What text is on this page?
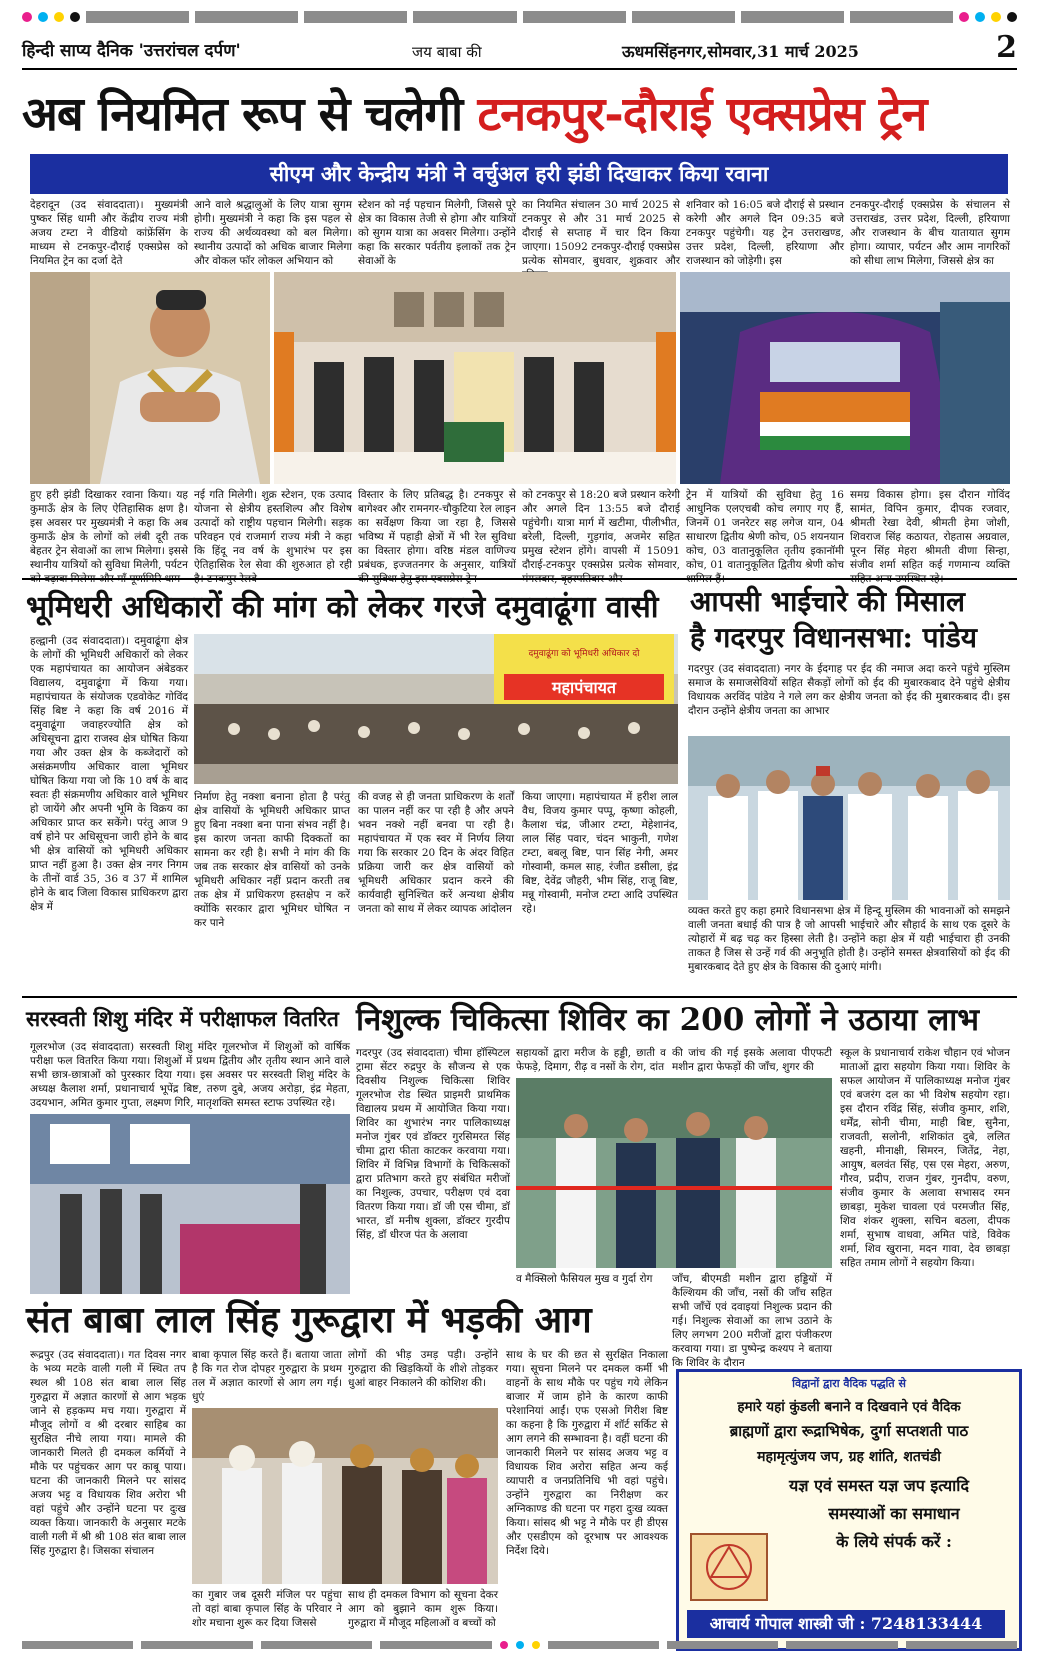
हिन्दी साप्य दैनिक 'उत्तरांचल दर्पण'	जय बाबा की	ऊधमसिंहनगर,सोमवार,31 मार्च 2025	2
अब नियमित रूप से चलेगी टनकपुर-दौराई एक्सप्रेस ट्रेन
सीएम और केन्द्रीय मंत्री ने वर्चुअल हरी झंडी दिखाकर किया रवाना
देहरादून (उद संवाददाता)। मुख्यमंत्री पुष्कर सिंह धामी और केंद्रीय राज्य मंत्री अजय टम्टा ने वीडियो कांफ्रेंसिंग के माध्यम से टनकपुर-दौराई एक्सप्रेस को नियमित ट्रेन का दर्जा देते
आने वाले श्रद्धालुओं के लिए यात्रा सुगम होगी। मुख्यमंत्री ने कहा कि इस पहल से राज्य की अर्थव्यवस्था को बल मिलेगा। स्थानीय उत्पादों को अधिक बाजार मिलेगा और वोकल फॉर लोकल अभियान को
स्टेशन को नई पहचान मिलेगी, जिससे पूरे क्षेत्र का विकास तेजी से होगा और यात्रियों को सुगम यात्रा का अवसर मिलेगा। उन्होंने कहा कि सरकार पर्वतीय इलाकों तक ट्रेन सेवाओं के
का नियमित संचालन 30 मार्च 2025 से टनकपुर से और 31 मार्च 2025 से दौराई से सप्ताह में चार दिन किया जाएगा। 15092 टनकपुर-दौराई एक्सप्रेस प्रत्येक सोमवार, बुधवार, शुक्रवार और
शनिवार को 16:05 बजे दौराई से प्रस्थान करेगी और अगले दिन 09:35 बजे टनकपुर पहुंचेगी। यह ट्रेन उत्तराखण्ड, उत्तर प्रदेश, दिल्ली, हरियाणा और राजस्थान को जोड़ेगी। इस
टनकपुर-दौराई एक्सप्रेस के संचालन से उत्तराखंड, उत्तर प्रदेश, दिल्ली, हरियाणा और राजस्थान के बीच यातायात सुगम होगा। व्यापार, पर्यटन और आम नागरिकों को सीधा लाभ मिलेगा, जिससे क्षेत्र का
हुए हरी झंडी दिखाकर रवाना किया। यह कुमाऊँ क्षेत्र के लिए ऐतिहासिक क्षण है। इस अवसर पर मुख्यमंत्री ने कहा कि अब कुमाऊँ क्षेत्र के लोगों को लंबी दूरी तक बेहतर ट्रेन सेवाओं का लाभ मिलेगा। इससे स्थानीय यात्रियों को सुविधा मिलेगी, पर्यटन
नई गति मिलेगी। शुक्र स्टेशन, एक उत्पाद योजना से क्षेत्रीय हस्तशिल्प और विशेष उत्पादों को राष्ट्रीय पहचान मिलेगी। सड़क परिवहन एवं राजमार्ग राज्य मंत्री ने कहा कि हिंदू नव वर्ष के शुभारंभ पर इस ऐतिहासिक रेल सेवा की शुरुआत हो रही
विस्तार के लिए प्रतिबद्ध है। टनकपुर से बागेश्वर और रामनगर-चौकुटिया रेल लाइन का सर्वेक्षण किया जा रहा है, जिससे भविष्य में पहाड़ी क्षेत्रों में भी रेल सुविधा का विस्तार होगा। वरिष्ठ मंडल वाणिज्य प्रबंधक, इज्जतनगर के अनुसार, यात्रियों
को टनकपुर से 18:20 बजे प्रस्थान करेगी और अगले दिन 13:55 बजे दौराई पहुंचेगी। यात्रा मार्ग में खटीमा, पीलीभीत, बरेली, दिल्ली, गुड़गांव, अजमेर सहित प्रमुख स्टेशन होंगे। वापसी में 15091 दौराई-टनकपुर एक्सप्रेस प्रत्येक सोमवार,
ट्रेन में यात्रियों की सुविधा हेतु 16 आधुनिक एलएचबी कोच लगाए गए हैं, जिनमें 01 जनरेटर सह लगेज यान, 04 साधारण द्वितीय श्रेणी कोच, 05 शयनयान कोच, 03 वातानुकूलित तृतीय इकानॉमी कोच, 01 वातानुकूलित द्वितीय श्रेणी कोच
समग्र विकास होगा। इस दौरान गोविंद सामंत, विपिन कुमार, दीपक रजवार, श्रीमती रेखा देवी, श्रीमती हेमा जोशी, शिवराज सिंह कठायत, रोहतास अग्रवाल, पूरन सिंह मेहरा श्रीमती वीणा सिन्हा, संजीव शर्मा सहित कई गणमान्य व्यक्ति
भूमिधरी अधिकारों की मांग को लेकर गरजे दमुवाढूंगा वासी
हल्द्वानी (उद संवाददाता)। दमुवाढूंगा क्षेत्र के लोगों की भूमिधरी अधिकारों को लेकर एक महापंचायत का आयोजन अंबेडकर विद्यालय, दमुवाढूंगा में किया गया। महापंचायत के संयोजक एडवोकेट गोविंद सिंह बिष्ट ने कहा कि वर्ष 2016 में दमुवाढूंगा जवाहरज्योति क्षेत्र को अधिसूचना द्वारा राजस्व क्षेत्र घोषित किया गया और उक्त क्षेत्र के कब्जेदारों को असंक्रमणीय अधिकार वाला भूमिधर घोषित किया गया जो कि 10 वर्ष के बाद स्वतः ही संक्रमणीय अधिकार वाले भूमिधर हो जायेंगे और अपनी भूमि के विक्रय का अधिकार प्राप्त कर सकेंगे। परंतु आज 9 वर्ष होने पर अधिसूचना जारी होने के बाद भी क्षेत्र वासियों को भूमिधरी अधिकार प्राप्त नहीं हुआ है। उक्त क्षेत्र नगर निगम के तीनों वार्ड 35, 36 व 37 में शामिल होने के बाद जिला विकास प्राधिकरण द्वारा क्षेत्र में
महापंचायत
दमुवाढूंगा को भूमिधरी अधिकार दो
निर्माण हेतु नक्शा बनाना होता है परंतु क्षेत्र वासियों के भूमिधरी अधिकार प्राप्त हुए बिना नक्शा बना पाना संभव नहीं है। इस कारण जनता काफी दिक्कतों का सामना कर रही है। सभी ने मांग की कि जब तक सरकार क्षेत्र वासियों को उनके भूमिधरी अधिकार नहीं प्रदान करती तब तक क्षेत्र में प्राधिकरण हस्तक्षेप न करें क्योंकि सरकार द्वारा भूमिधर घोषित न कर पाने
की वजह से ही जनता प्राधिकरण के शर्तों का पालन नहीं कर पा रही है और अपने भवन नक्शे नहीं बनवा पा रही है। महापंचायत में एक स्वर में निर्णय लिया गया कि सरकार 20 दिन के अंदर विहित प्रक्रिया जारी कर क्षेत्र वासियों को भूमिधरी अधिकार प्रदान करने की कार्यवाही सुनिश्चित करें अन्यथा क्षेत्रीय जनता को साथ में लेकर व्यापक आंदोलन
किया जाएगा। महापंचायत में हरीश लाल वैध, विजय कुमार पप्पू, कृष्णा कोहली, कैलाश चंद्र, जीआर टम्टा, मेहेशानंद, लाल सिंह पवार, चंदन भाकुनी, गणेश टम्टा, बबलू बिष्ट, पान सिंह नेगी, अमर गोस्वामी, कमल साह, रंजीत डसीला, इंद्र बिष्ट, देवेंद्र जौहरी, भीम सिंह, राजू बिष्ट, मन्नू गोस्वामी, मनोज टम्टा आदि उपस्थित रहे।
आपसी भाईचारे की मिसाल
है गदरपुर विधानसभा: पांडेय
गदरपुर (उद संवाददाता) नगर के ईदगाह पर ईद की नमाज अदा करने पहुंचे मुस्लिम समाज के समाजसेवियों सहित सैकड़ों लोगों को ईद की मुबारकबाद देने पहुंचे क्षेत्रीय विधायक अरविंद पांडेय ने गले लग कर क्षेत्रीय जनता को ईद की मुबारकबाद दी। इस दौरान उन्होंने क्षेत्रीय जनता का आभार
व्यक्त करते हुए कहा हमारे विधानसभा क्षेत्र में हिन्दू मुस्लिम की भावनाओं को समझने वाली जनता बधाई की पात्र है जो आपसी भाईचारे और सौहार्द के साथ एक दूसरे के त्योहारों में बढ़ चढ़ कर हिस्सा लेती है। उन्होंने कहा क्षेत्र में यही भाईचारा ही उनकी ताकत है जिस से उन्हें गर्व की अनुभूति होती है। उन्होंने समस्त क्षेत्रवासियों को ईद की मुबारकबाद देते हुए क्षेत्र के विकास की दुआएं मांगी।
सरस्वती शिशु मंदिर में परीक्षाफल वितरित
गूलरभोज (उद संवाददाता) सरस्वती शिशु मंदिर गूलरभोज में शिशुओं को वार्षिक परीक्षा फल वितरित किया गया। शिशुओं में प्रथम द्वितीय और तृतीय स्थान आने वाले सभी छात्र-छात्राओं को पुरस्कार दिया गया। इस अवसर पर सरस्वती शिशु मंदिर के अध्यक्ष कैलाश शर्मा, प्रधानाचार्य भूपेंद्र बिष्ट, तरुण दुबे, अजय अरोड़ा, इंद्र मेहता, उदयभान, अमित कुमार गुप्ता, लक्ष्मण गिरि, मातृशक्ति समस्त स्टाफ उपस्थित रहे।
निशुल्क चिकित्सा शिविर का 200 लोगों ने उठाया लाभ
गदरपुर (उद संवाददाता) चीमा हॉस्पिटल ट्रामा सेंटर रुद्रपुर के सौजन्य से एक दिवसीय निशुल्क चिकित्सा शिविर गूलरभोज रोड स्थित प्राइमरी प्राथमिक विद्यालय प्रथम में आयोजित किया गया। शिविर का शुभारंभ नगर पालिकाध्यक्ष मनोज गुंबर एवं डॉक्टर गुरसिमरत सिंह चीमा द्वारा फीता काटकर करवाया गया। शिविर में विभिन्न विभागों के चिकित्सकों द्वारा प्रतिभाग करते हुए संबंधित मरीजों का निशुल्क, उपचार, परीक्षण एवं दवा वितरण किया गया। डॉ जी एस चीमा, डॉ भारत, डॉ मनीष शुक्ला, डॉक्टर गुरदीप सिंह, डॉ धीरज पंत के अलावा
सहायकों द्वारा मरीज के हड्डी, छाती व फेफड़े, दिमाग, रीढ़ व नसों के रोग, दांत
की जांच की गई इसके अलावा पीएफटी मशीन द्वारा फेफड़ों की जाँच, शुगर की
व मैक्सिलो फैसियल मुख व गुर्दा रोग	जाँच, बीएमडी मशीन द्वारा हड्डियों में कैल्शियम की जाँच, नसों की जाँच सहित सभी जाँचें एवं दवाइयां निशुल्क प्रदान की गई। निशुल्क सेवाओं का लाभ उठाने के लिए लगभग 200 मरीजों द्वारा पंजीकरण करवाया गया। डा पुष्पेन्द्र कश्यप ने बताया कि शिविर के दौरान
स्कूल के प्रधानाचार्य राकेश चौहान एवं भोजन माताओं द्वारा सहयोग किया गया। शिविर के सफल आयोजन में पालिकाध्यक्ष मनोज गुंबर एवं बजरंग दल का भी विशेष सहयोग रहा। इस दौरान रविंद्र सिंह, संजीव कुमार, शशि, धर्मेंद्र, सोनी चीमा, माही बिष्ट, सुनैना, राजवती, सलोनी, शशिकांत दुबे, ललित खहनी, मीनाक्षी, सिमरन, जितेंद्र, नेहा, आयुष, बलवंत सिंह, एस एस मेहरा, अरुण, गौरव, प्रदीप, राजन गुंबर, गुनदीप, वरुण, संजीव कुमार के अलावा सभासद रमन छाबड़ा, मुकेश चावला एवं परमजीत सिंह, शिव शंकर शुक्ला, सचिन बठला, दीपक शर्मा, सुभाष वाधवा, अमित पांडे, विवेक शर्मा, शिव खुराना, मदन गावा, देव छाबड़ा सहित तमाम लोगों ने सहयोग किया।
संत बाबा लाल सिंह गुरूद्वारा में भड़की आग
रूद्रपुर (उद संवाददाता)। गत दिवस नगर के भव्य मटके वाली गली में स्थित तप स्थल श्री 108 संत बाबा लाल सिंह गुरुद्वारा में अज्ञात कारणों से आग भड़क जाने से हड़कम्प मच गया। गुरुद्वारा में मौजूद लोगों व श्री दरबार साहिब का सुरक्षित नीचे लाया गया। मामले की जानकारी मिलते ही दमकल कर्मियों ने मौके पर पहुंचकर आग पर काबू पाया। घटना की जानकारी मिलने पर सांसद अजय भट्ट व विधायक शिव अरोरा भी वहां पहुंचे और उन्होंने घटना पर दुःख व्यक्त किया। जानकारी के अनुसार मटके वाली गली में श्री श्री 108 संत बाबा लाल सिंह गुरुद्वारा है। जिसका संचालन
बाबा कृपाल सिंह करते हैं। बताया जाता है कि गत रोज दोपहर गुरुद्वारा के प्रथम तल में अज्ञात कारणों से आग लग गई। धुएं
लोगों की भीड़ उमड़ पड़ी। उन्होंने गुरुद्वारा की खिड़कियों के शीशे तोड़कर धुआं बाहर निकालने की कोशिश की।
का गुबार जब दूसरी मंजिल पर पहुंचा तो वहां बाबा कृपाल सिंह के परिवार ने शोर मचाना शुरू कर दिया जिससे
साथ ही दमकल विभाग को सूचना देकर आग को बुझाने काम शुरू किया। गुरुद्वारा में मौजूद महिलाओं व बच्चों को
साथ के घर की छत से सुरक्षित निकाला गया। सूचना मिलने पर दमकल कर्मी भी वाहनों के साथ मौके पर पहुंच गये लेकिन बाजार में जाम होने के कारण काफी परेशानियां आईं। एफ एसओ गिरीश बिष्ट का कहना है कि गुरुद्वारा में शॉर्ट सर्किट से आग लगने की सम्भावना है। वहीं घटना की जानकारी मिलने पर सांसद अजय भट्ट व विधायक शिव अरोरा सहित अन्य कई व्यापारी व जनप्रतिनिधि भी वहां पहुंचे। उन्होंने गुरुद्वारा का निरीक्षण कर अग्निकाण्ड की घटना पर गहरा दुःख व्यक्त किया। सांसद श्री भट्ट ने मौके पर ही डीएस और एसडीएम को दूरभाष पर आवश्यक निर्देश दिये।
विद्वानों द्वारा वैदिक पद्धति से
हमारे यहां कुंडली बनाने व दिखवाने एवं वैदिक
ब्राह्मणों द्वारा रूद्राभिषेक, दुर्गा सप्तशती पाठ
महामृत्युंजय जप, ग्रह शांति, शतचंडी
यज्ञ एवं समस्त यज्ञ जप इत्यादि
समस्याओं का समाधान
के लिये संपर्क करें :
आचार्य गोपाल शास्त्री जी : 7248133444
